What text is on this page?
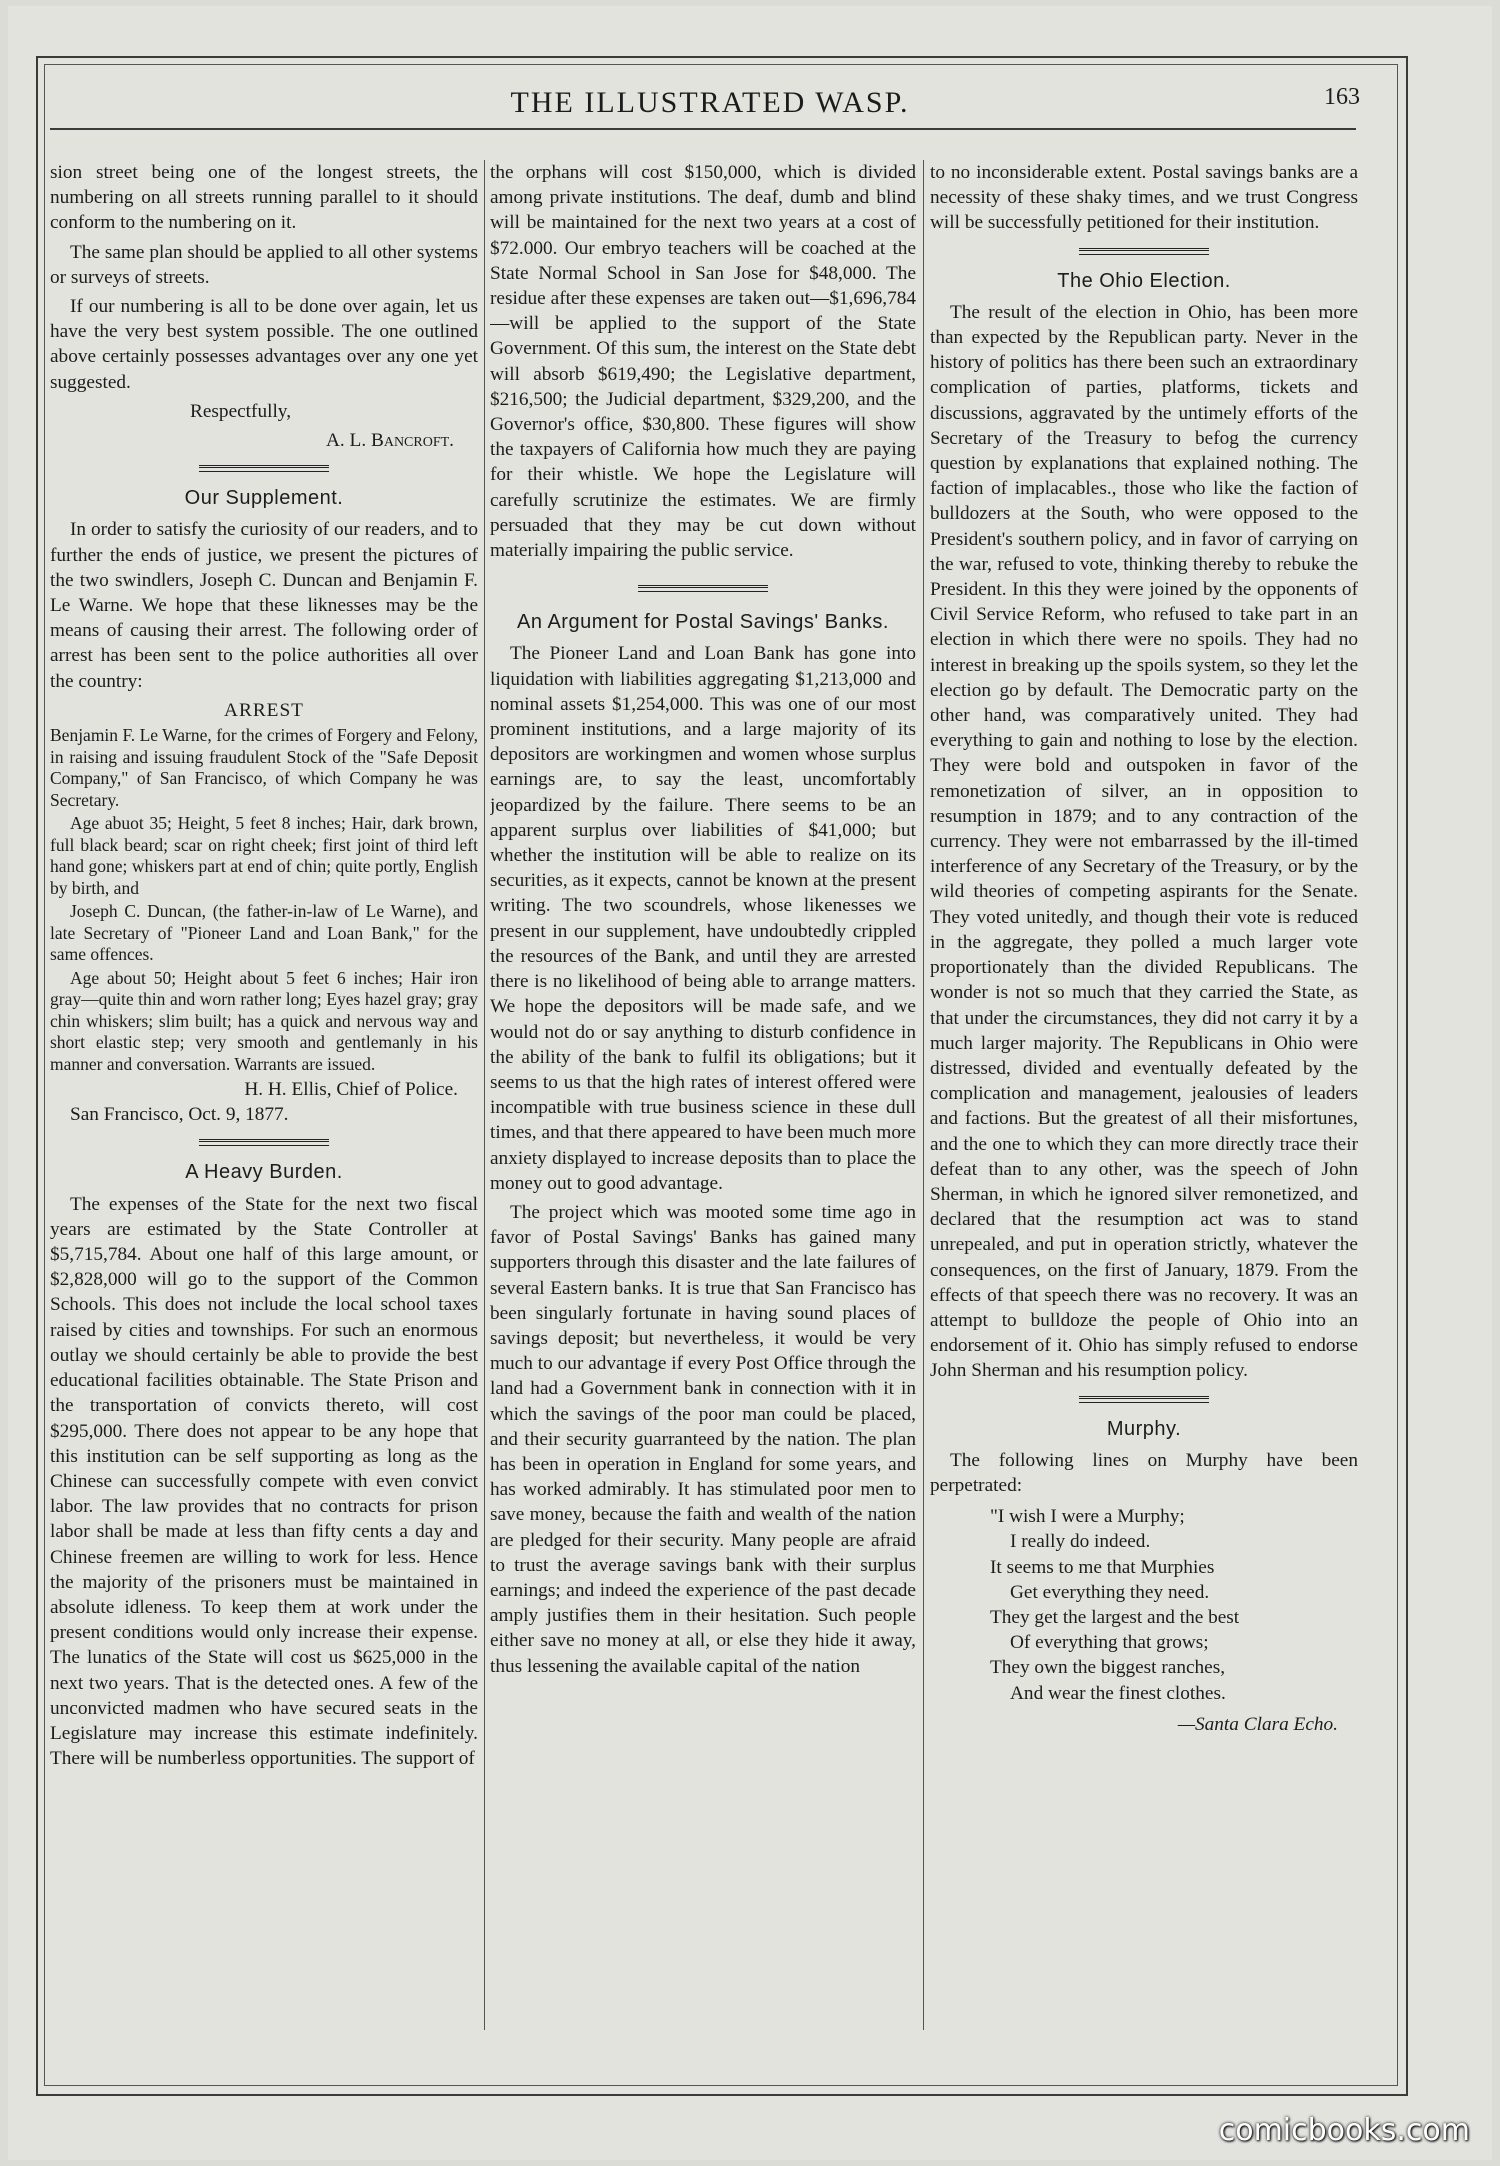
THE ILLUSTRATED WASP.	163

sion street being one of the longest streets, the numbering on all streets running parallel to it should conform to the numbering on it.

The same plan should be applied to all other systems or surveys of streets.

If our numbering is all to be done over again, let us have the very best system possible. The one outlined above certainly possesses advantages over any one yet suggested.

Respectfully,

A. L. Bancroft.
Our Supplement.

In order to satisfy the curiosity of our readers, and to further the ends of justice, we present the pictures of the two swindlers, Joseph C. Duncan and Benjamin F. Le Warne. We hope that these liknesses may be the means of causing their arrest. The following order of arrest has been sent to the police authorities all over the country:

ARREST

Benjamin F. Le Warne, for the crimes of Forgery and Felony, in raising and issuing fraudulent Stock of the "Safe Deposit Company," of San Francisco, of which Company he was Secretary.

Age abuot 35; Height, 5 feet 8 inches; Hair, dark brown, full black beard; scar on right cheek; first joint of third left hand gone; whiskers part at end of chin; quite portly, English by birth, and

Joseph C. Duncan, (the father-in-law of Le Warne), and late Secretary of "Pioneer Land and Loan Bank," for the same offences.

Age about 50; Height about 5 feet 6 inches; Hair iron gray—quite thin and worn rather long; Eyes hazel gray; gray chin whiskers; slim built; has a quick and nervous way and short elastic step; very smooth and gentlemanly in his manner and conversation. Warrants are issued.

H. H. Ellis, Chief of Police.

San Francisco, Oct. 9, 1877.

A Heavy Burden.

The expenses of the State for the next two fiscal years are estimated by the State Controller at $5,715,784. About one half of this large amount, or $2,828,000 will go to the support of the Common Schools. This does not include the local school taxes raised by cities and townships. For such an enormous outlay we should certainly be able to provide the best educational facilities obtainable. The State Prison and the transportation of convicts thereto, will cost $295,000. There does not appear to be any hope that this institution can be self supporting as long as the Chinese can successfully compete with even convict labor. The law provides that no contracts for prison labor shall be made at less than fifty cents a day and Chinese freemen are willing to work for less. Hence the majority of the prisoners must be maintained in absolute idleness. To keep them at work under the present conditions would only increase their expense. The lunatics of the State will cost us $625,000 in the next two years. That is the detected ones. A few of the unconvicted madmen who have secured seats in the Legislature may increase this estimate indefinitely. There will be numberless opportunities. The support of

the orphans will cost $150,000, which is divided among private institutions. The deaf, dumb and blind will be maintained for the next two years at a cost of $72.000. Our embryo teachers will be coached at the State Normal School in San Jose for $48,000. The residue after these expenses are taken out—$1,696,784—will be applied to the support of the State Government. Of this sum, the interest on the State debt will absorb $619,490; the Legislative department, $216,500; the Judicial department, $329,200, and the Governor's office, $30,800. These figures will show the taxpayers of California how much they are paying for their whistle. We hope the Legislature will carefully scrutinize the estimates. We are firmly persuaded that they may be cut down without materially impairing the public service.

An Argument for Postal Savings' Banks.

The Pioneer Land and Loan Bank has gone into liquidation with liabilities aggregating $1,213,000 and nominal assets $1,254,000. This was one of our most prominent institutions, and a large majority of its depositors are workingmen and women whose surplus earnings are, to say the least, uncomfortably jeopardized by the failure. There seems to be an apparent surplus over liabilities of $41,000; but whether the institution will be able to realize on its securities, as it expects, cannot be known at the present writing. The two scoundrels, whose likenesses we present in our supplement, have undoubtedly crippled the resources of the Bank, and until they are arrested there is no likelihood of being able to arrange matters. We hope the depositors will be made safe, and we would not do or say anything to disturb confidence in the ability of the bank to fulfil its obligations; but it seems to us that the high rates of interest offered were incompatible with true business science in these dull times, and that there appeared to have been much more anxiety displayed to increase deposits than to place the money out to good advantage.

The project which was mooted some time ago in favor of Postal Savings' Banks has gained many supporters through this disaster and the late failures of several Eastern banks. It is true that San Francisco has been singularly fortunate in having sound places of savings deposit; but nevertheless, it would be very much to our advantage if every Post Office through the land had a Government bank in connection with it in which the savings of the poor man could be placed, and their security guarranteed by the nation. The plan has been in operation in England for some years, and has worked admirably. It has stimulated poor men to save money, because the faith and wealth of the nation are pledged for their security. Many people are afraid to trust the average savings bank with their surplus earnings; and indeed the experience of the past decade amply justifies them in their hesitation. Such people either save no money at all, or else they hide it away, thus lessening the available capital of the nation

to no inconsiderable extent. Postal savings banks are a necessity of these shaky times, and we trust Congress will be successfully petitioned for their institution.

The Ohio Election.

The result of the election in Ohio, has been more than expected by the Republican party. Never in the history of politics has there been such an extraordinary complication of parties, platforms, tickets and discussions, aggravated by the untimely efforts of the Secretary of the Treasury to befog the currency question by explanations that explained nothing. The faction of implacables., those who like the faction of bulldozers at the South, who were opposed to the President's southern policy, and in favor of carrying on the war, refused to vote, thinking thereby to rebuke the President. In this they were joined by the opponents of Civil Service Reform, who refused to take part in an election in which there were no spoils. They had no interest in breaking up the spoils system, so they let the election go by default. The Democratic party on the other hand, was comparatively united. They had everything to gain and nothing to lose by the election. They were bold and outspoken in favor of the remonetization of silver, an in opposition to resumption in 1879; and to any contraction of the currency. They were not embarrassed by the ill-timed interference of any Secretary of the Treasury, or by the wild theories of competing aspirants for the Senate. They voted unitedly, and though their vote is reduced in the aggregate, they polled a much larger vote proportionately than the divided Republicans. The wonder is not so much that they carried the State, as that under the circumstances, they did not carry it by a much larger majority. The Republicans in Ohio were distressed, divided and eventually defeated by the complication and management, jealousies of leaders and factions. But the greatest of all their misfortunes, and the one to which they can more directly trace their defeat than to any other, was the speech of John Sherman, in which he ignored silver remonetized, and declared that the resumption act was to stand unrepealed, and put in operation strictly, whatever the consequences, on the first of January, 1879. From the effects of that speech there was no recovery. It was an attempt to bulldoze the people of Ohio into an endorsement of it. Ohio has simply refused to endorse John Sherman and his resumption policy.

Murphy.

The following lines on Murphy have been perpetrated:

"I wish I were a Murphy;
I really do indeed.
It seems to me that Murphies
Get everything they need.
They get the largest and the best
Of everything that grows;
They own the biggest ranches,
And wear the finest clothes.
—Santa Clara Echo.
comicbooks.com
